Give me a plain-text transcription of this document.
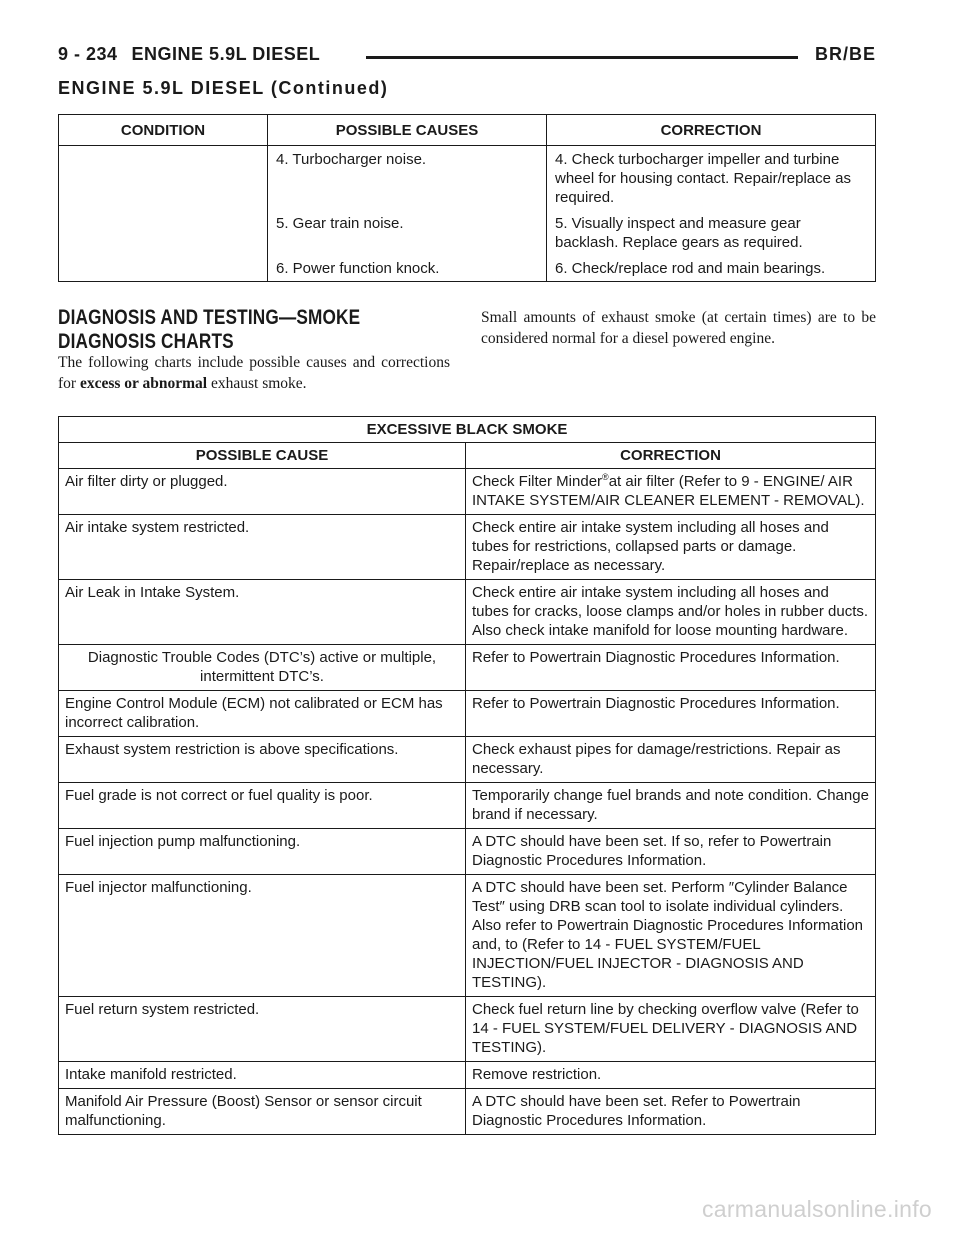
9 - 234 ENGINE 5.9L DIESEL	BR/BE
ENGINE 5.9L DIESEL (Continued)
CONDITION	POSSIBLE CAUSES	CORRECTION
	4. Turbocharger noise.	4. Check turbocharger impeller and turbine wheel for housing contact. Repair/replace as required.
	5. Gear train noise.	5. Visually inspect and measure gear backlash. Replace gears as required.
	6. Power function knock.	6. Check/replace rod and main bearings.
DIAGNOSIS AND TESTING—SMOKE
DIAGNOSIS CHARTS
The following charts include possible causes and corrections for excess or abnormal exhaust smoke.
Small amounts of exhaust smoke (at certain times) are to be considered normal for a diesel powered engine.
EXCESSIVE BLACK SMOKE	
POSSIBLE CAUSE	CORRECTION
Air filter dirty or plugged.	Check Filter Minder®at air filter (Refer to 9 - ENGINE/ AIR INTAKE SYSTEM/AIR CLEANER ELEMENT - REMOVAL).
Air intake system restricted.	Check entire air intake system including all hoses and tubes for restrictions, collapsed parts or damage. Repair/replace as necessary.
Air Leak in Intake System.	Check entire air intake system including all hoses and tubes for cracks, loose clamps and/or holes in rubber ducts. Also check intake manifold for loose mounting hardware.
Diagnostic Trouble Codes (DTC’s) active or multiple, intermittent DTC’s.	Refer to Powertrain Diagnostic Procedures Information.
Engine Control Module (ECM) not calibrated or ECM has incorrect calibration.	Refer to Powertrain Diagnostic Procedures Information.
Exhaust system restriction is above specifications.	Check exhaust pipes for damage/restrictions. Repair as necessary.
Fuel grade is not correct or fuel quality is poor.	Temporarily change fuel brands and note condition. Change brand if necessary.
Fuel injection pump malfunctioning.	A DTC should have been set. If so, refer to Powertrain Diagnostic Procedures Information.
Fuel injector malfunctioning.	A DTC should have been set. Perform ″Cylinder Balance Test″ using DRB scan tool to isolate individual cylinders. Also refer to Powertrain Diagnostic Procedures Information and, to (Refer to 14 - FUEL SYSTEM/FUEL INJECTION/FUEL INJECTOR - DIAGNOSIS AND TESTING).
Fuel return system restricted.	Check fuel return line by checking overflow valve (Refer to 14 - FUEL SYSTEM/FUEL DELIVERY - DIAGNOSIS AND TESTING).
Intake manifold restricted.	Remove restriction.
Manifold Air Pressure (Boost) Sensor or sensor circuit malfunctioning.	A DTC should have been set. Refer to Powertrain Diagnostic Procedures Information.
carmanualsonline.info
